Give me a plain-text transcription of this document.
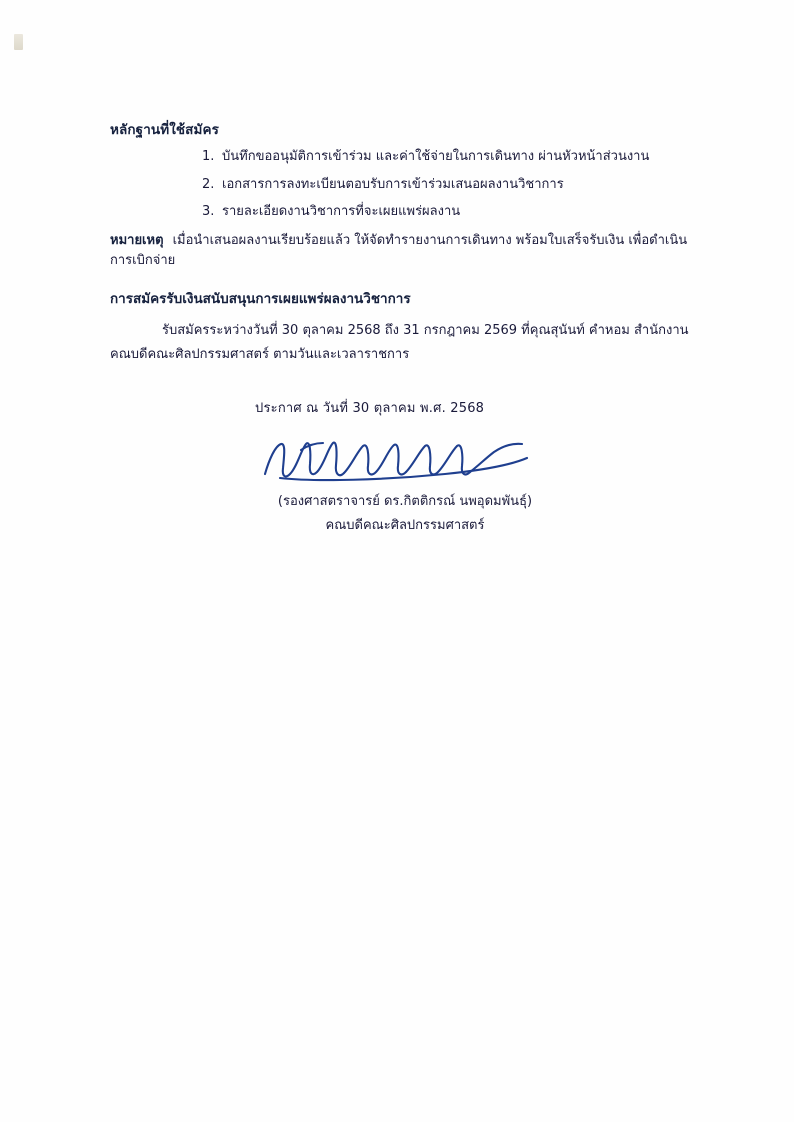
หลักฐานที่ใช้สมัคร
1. บันทึกขออนุมัติการเข้าร่วม และค่าใช้จ่ายในการเดินทาง ผ่านหัวหน้าส่วนงาน
2. เอกสารการลงทะเบียนตอบรับการเข้าร่วมเสนอผลงานวิชาการ
3. รายละเอียดงานวิชาการที่จะเผยแพร่ผลงาน

หมายเหตุ เมื่อนำเสนอผลงานเรียบร้อยแล้ว ให้จัดทำรายงานการเดินทาง พร้อมใบเสร็จรับเงิน เพื่อดำเนินการเบิกจ่าย

การสมัครรับเงินสนับสนุนการเผยแพร่ผลงานวิชาการ

รับสมัครระหว่างวันที่ 30 ตุลาคม 2568 ถึง 31 กรกฎาคม 2569 ที่คุณสุนันท์ คำหอม สำนักงาน คณบดีคณะศิลปกรรมศาสตร์ ตามวันและเวลาราชการ

ประกาศ ณ วันที่ 30 ตุลาคม พ.ศ. 2568
(รองศาสตราจารย์ ดร.กิตติกรณ์ นพอุดมพันธุ์)
คณบดีคณะศิลปกรรมศาสตร์
